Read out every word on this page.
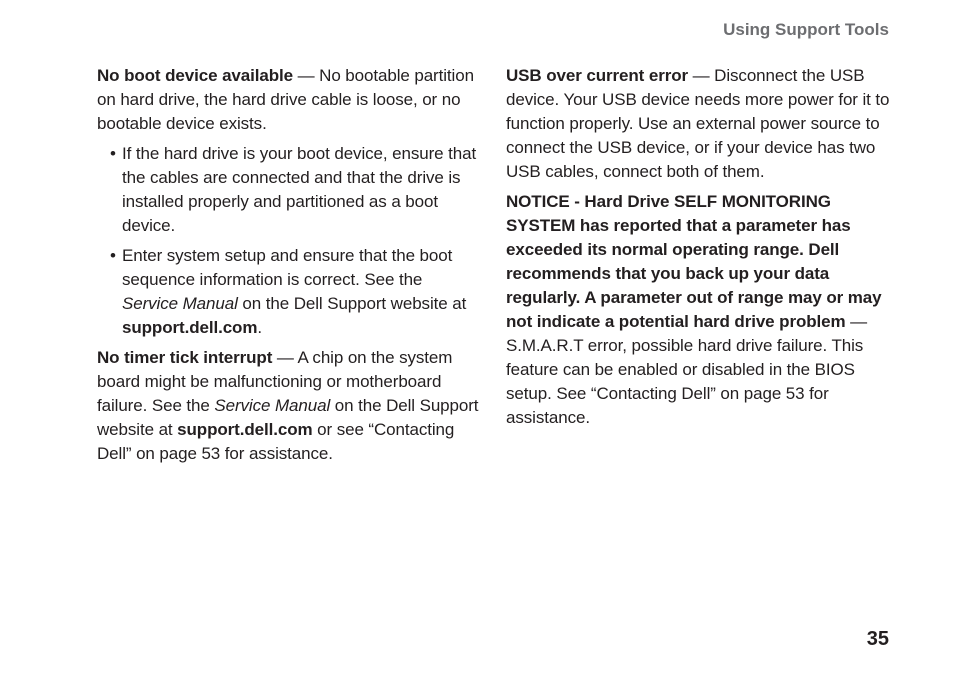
Using Support Tools

No boot device available — No bootable partition on hard drive, the hard drive cable is loose, or no bootable device exists.

• If the hard drive is your boot device, ensure that the cables are connected and that the drive is installed properly and partitioned as a boot device.
• Enter system setup and ensure that the boot sequence information is correct. See the Service Manual on the Dell Support website at support.dell.com.

No timer tick interrupt — A chip on the system board might be malfunctioning or motherboard failure. See the Service Manual on the Dell Support website at support.dell.com or see “Contacting Dell” on page 53 for assistance.

USB over current error — Disconnect the USB device. Your USB device needs more power for it to function properly. Use an external power source to connect the USB device, or if your device has two USB cables, connect both of them.

NOTICE - Hard Drive SELF MONITORING SYSTEM has reported that a parameter has exceeded its normal operating range. Dell recommends that you back up your data regularly. A parameter out of range may or may not indicate a potential hard drive problem — S.M.A.R.T error, possible hard drive failure. This feature can be enabled or disabled in the BIOS setup. See “Contacting Dell” on page 53 for assistance.

35
